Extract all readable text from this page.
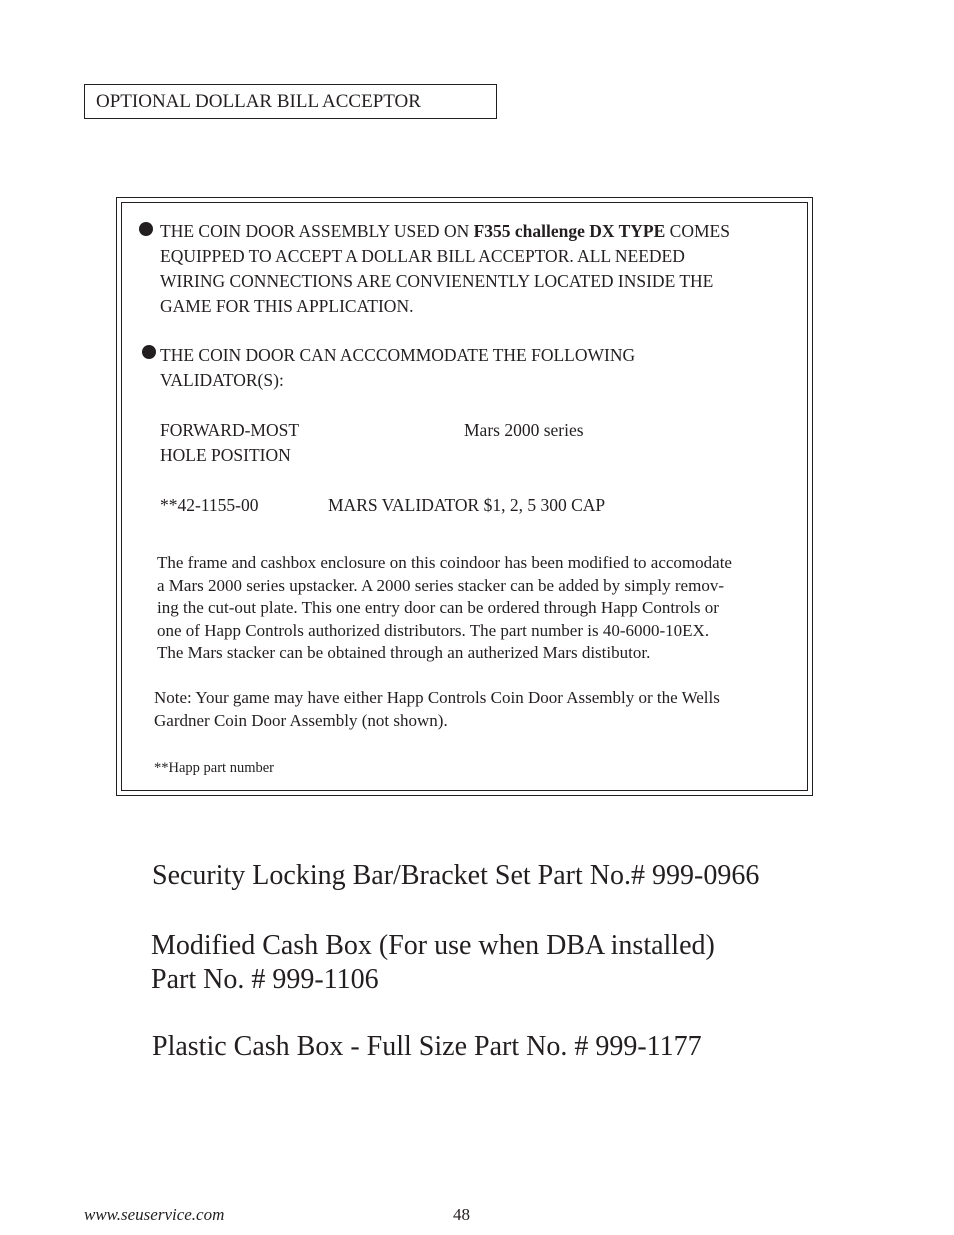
OPTIONAL DOLLAR BILL ACCEPTOR
THE COIN DOOR ASSEMBLY USED ON F355 challenge DX TYPE COMES
EQUIPPED TO ACCEPT A DOLLAR BILL ACCEPTOR. ALL NEEDED
WIRING CONNECTIONS ARE CONVIENENTLY LOCATED INSIDE THE
GAME FOR THIS APPLICATION.
THE COIN DOOR CAN ACCCOMMODATE THE FOLLOWING
VALIDATOR(S):
FORWARD-MOST	Mars 2000 series
HOLE POSITION
**42-1155-00	MARS VALIDATOR $1, 2, 5 300 CAP
The frame and cashbox enclosure on this coindoor has been modified to accomodate
a Mars 2000 series upstacker. A 2000 series stacker can be added by simply remov-
ing the cut-out plate. This one entry door can be ordered through Happ Controls or
one of Happ Controls authorized distributors. The part number is 40-6000-10EX.
The Mars stacker can be obtained through an autherized Mars distibutor.
Note: Your game may have either Happ Controls Coin Door Assembly or the Wells
Gardner Coin Door Assembly (not shown).
**Happ part number
Security Locking Bar/Bracket Set Part No.# 999-0966
Modified Cash Box (For use when DBA installed)
Part No. # 999-1106
Plastic Cash Box - Full Size Part No. # 999-1177
www.seuservice.com	48
